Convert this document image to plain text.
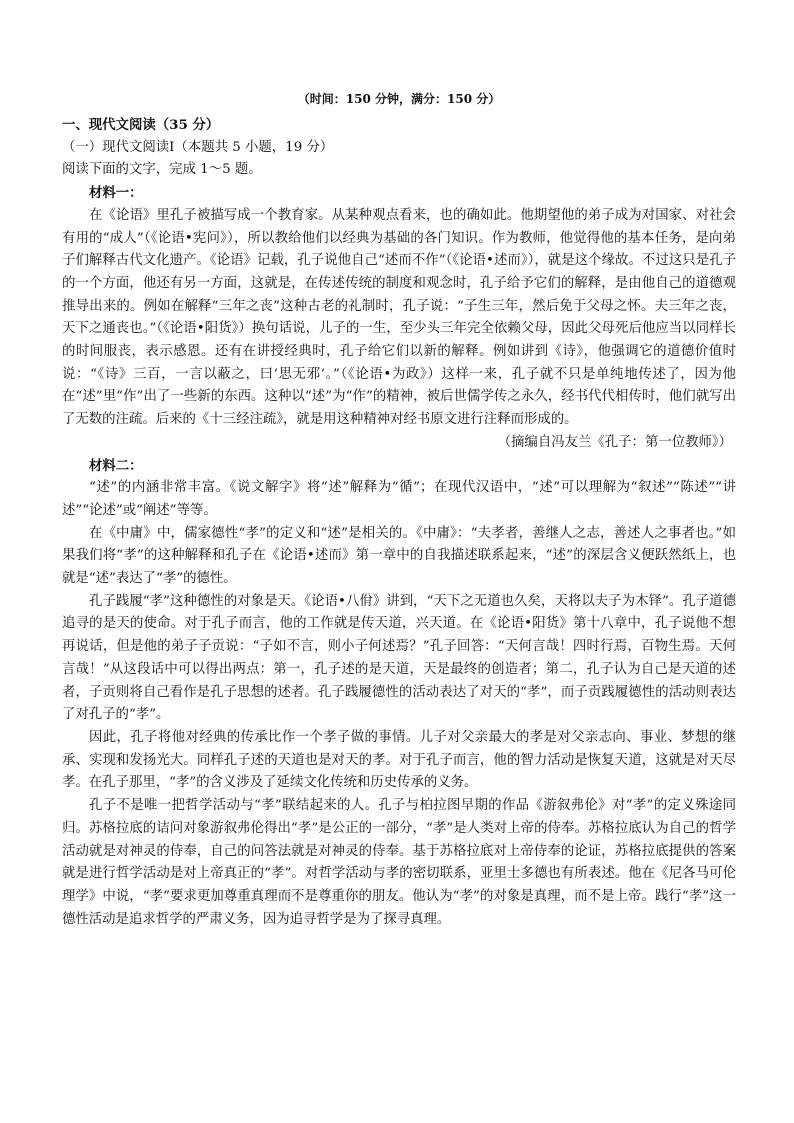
（时间：150 分钟，满分：150 分）
一、现代文阅读（35 分）
（一）现代文阅读Ⅰ（本题共 5 小题，19 分）
阅读下面的文字，完成 1～5 题。
材料一：

在《论语》里孔子被描写成一个教育家。从某种观点看来，也的确如此。他期望他的弟子成为对国家、对社会有用的“成人”（《论语•宪问》），所以教给他们以经典为基础的各门知识。作为教师，他觉得他的基本任务，是向弟子们解释古代文化遗产。《论语》记载，孔子说他自己“述而不作”（《论语•述而》），就是这个缘故。不过这只是孔子的一个方面，他还有另一方面，这就是，在传述传统的制度和观念时，孔子给予它们的解释，是由他自己的道德观推导出来的。例如在解释“三年之丧”这种古老的礼制时，孔子说：“子生三年，然后免于父母之怀。夫三年之丧，天下之通丧也。”（《论语•阳货》）换句话说，儿子的一生，至少头三年完全依赖父母，因此父母死后他应当以同样长的时间服丧，表示感恩。还有在讲授经典时，孔子给它们以新的解释。例如讲到《诗》，他强调它的道德价值时说：“《诗》三百，一言以蔽之，曰‘思无邪’。”（《论语•为政》）这样一来，孔子就不只是单纯地传述了，因为他在“述”里“作”出了一些新的东西。这种以“述”为“作”的精神，被后世儒学传之永久，经书代代相传时，他们就写出了无数的注疏。后来的《十三经注疏》，就是用这种精神对经书原文进行注释而形成的。

（摘编自冯友兰《孔子：第一位教师》）
材料二：

“述”的内涵非常丰富。《说文解字》将“述”解释为“循”；在现代汉语中，“述”可以理解为“叙述”“陈述”“讲述”“论述”或“阐述”等等。

在《中庸》中，儒家德性“孝”的定义和“述”是相关的。《中庸》：“夫孝者，善继人之志，善述人之事者也。”如果我们将“孝”的这种解释和孔子在《论语•述而》第一章中的自我描述联系起来，“述”的深层含义便跃然纸上，也就是“述”表达了“孝”的德性。

孔子践履“孝”这种德性的对象是天。《论语•八佾》讲到，“天下之无道也久矣，天将以夫子为木铎”。孔子道德追寻的是天的使命。对于孔子而言，他的工作就是传天道，兴天道。在《论语•阳货》第十八章中，孔子说他不想再说话，但是他的弟子子贡说：“子如不言，则小子何述焉？”孔子回答：“天何言哉！四时行焉，百物生焉。天何言哉！”从这段话中可以得出两点：第一，孔子述的是天道，天是最终的创造者；第二，孔子认为自己是天道的述者，子贡则将自己看作是孔子思想的述者。孔子践履德性的活动表达了对天的“孝”，而子贡践履德性的活动则表达了对孔子的“孝”。

因此，孔子将他对经典的传承比作一个孝子做的事情。儿子对父亲最大的孝是对父亲志向、事业、梦想的继承、实现和发扬光大。同样孔子述的天道也是对天的孝。对于孔子而言，他的智力活动是恢复天道，这就是对天尽孝。在孔子那里，“孝”的含义涉及了延续文化传统和历史传承的义务。

孔子不是唯一把哲学活动与“孝”联结起来的人。孔子与柏拉图早期的作品《游叙弗伦》对“孝”的定义殊途同归。苏格拉底的诘问对象游叙弗伦得出“孝”是公正的一部分，“孝”是人类对上帝的侍奉。苏格拉底认为自己的哲学活动就是对神灵的侍奉，自己的问答法就是对神灵的侍奉。基于苏格拉底对上帝侍奉的论证，苏格拉底提供的答案就是进行哲学活动是对上帝真正的“孝”。对哲学活动与孝的密切联系，亚里士多德也有所表述。他在《尼各马可伦理学》中说，“孝”要求更加尊重真理而不是尊重你的朋友。他认为“孝”的对象是真理，而不是上帝。践行“孝”这一德性活动是追求哲学的严肃义务，因为追寻哲学是为了探寻真理。
